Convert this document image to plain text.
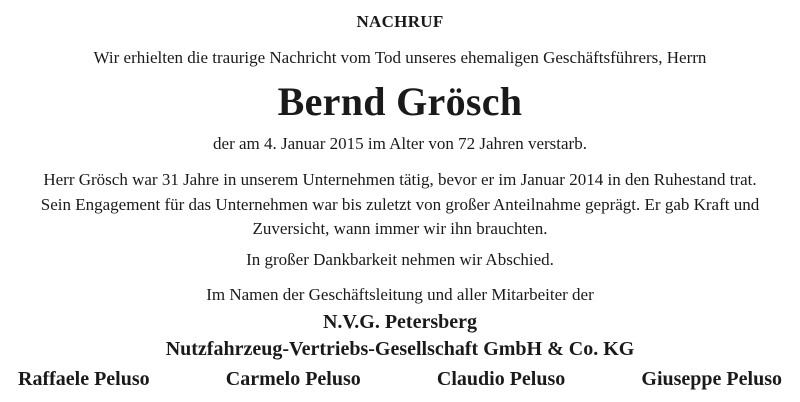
NACHRUF
Wir erhielten die traurige Nachricht vom Tod unseres ehemaligen Geschäftsführers, Herrn
Bernd Grösch
der am 4. Januar 2015 im Alter von 72 Jahren verstarb.
Herr Grösch war 31 Jahre in unserem Unternehmen tätig, bevor er im Januar 2014 in den Ruhestand trat. Sein Engagement für das Unternehmen war bis zuletzt von großer Anteilnahme geprägt. Er gab Kraft und Zuversicht, wann immer wir ihn brauchten.
In großer Dankbarkeit nehmen wir Abschied.
Im Namen der Geschäftsleitung und aller Mitarbeiter der
N.V.G. Petersberg
Nutzfahrzeug-Vertriebs-Gesellschaft GmbH & Co. KG
Raffaele Peluso	Carmelo Peluso	Claudio Peluso	Giuseppe Peluso
